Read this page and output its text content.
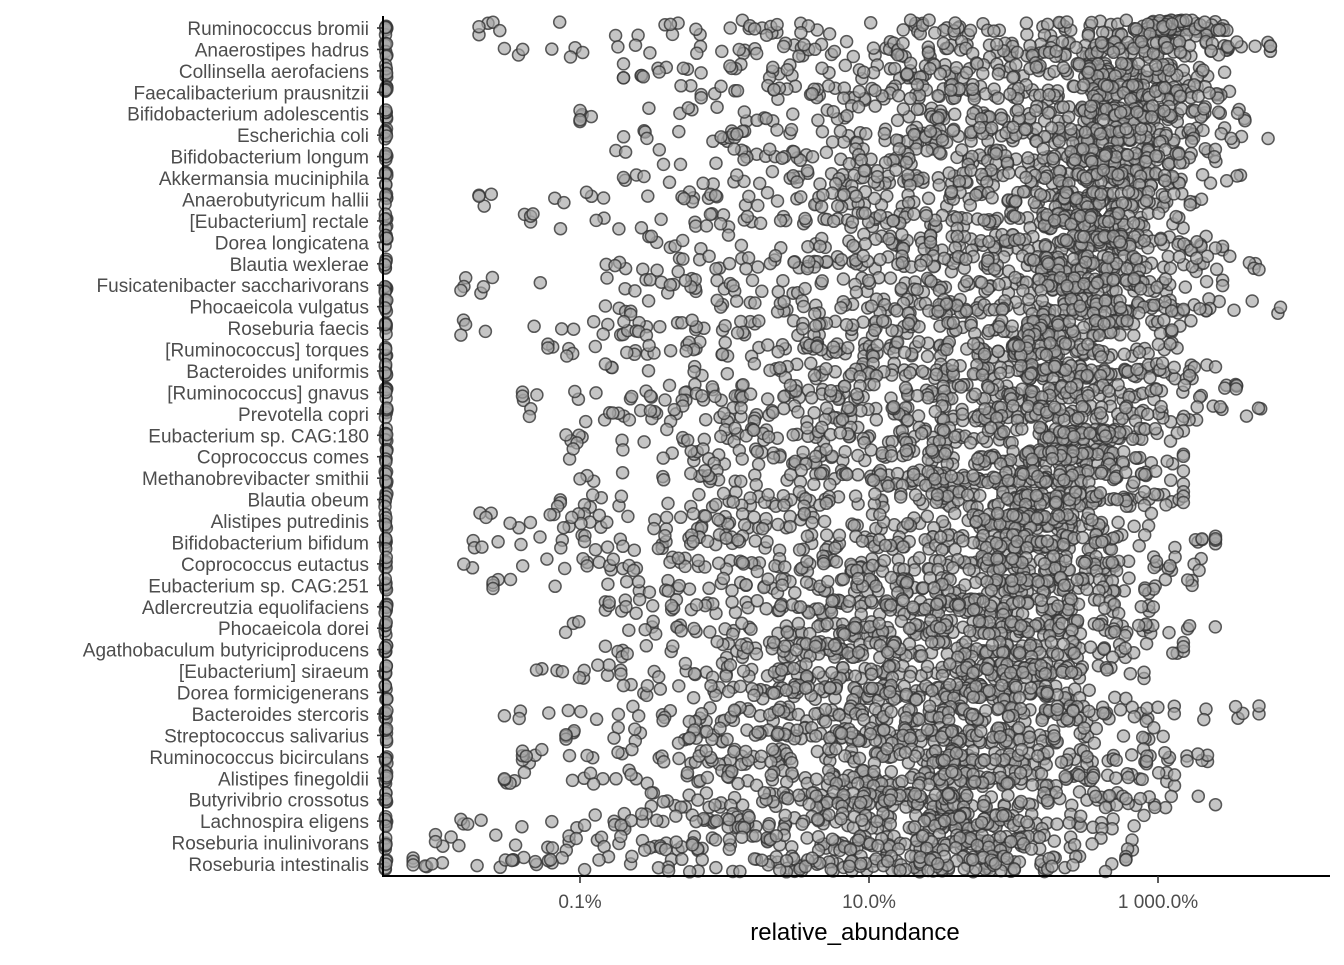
Ruminococcus bromii
Anaerostipes hadrus
Collinsella aerofaciens
Faecalibacterium prausnitzii
Bifidobacterium adolescentis
Escherichia coli
Bifidobacterium longum
Akkermansia muciniphila
Anaerobutyricum hallii
[Eubacterium] rectale
Dorea longicatena
Blautia wexlerae
Fusicatenibacter saccharivorans
Phocaeicola vulgatus
Roseburia faecis
[Ruminococcus] torques
Bacteroides uniformis
[Ruminococcus] gnavus
Prevotella copri
Eubacterium sp. CAG:180
Coprococcus comes
Methanobrevibacter smithii
Blautia obeum
Alistipes putredinis
Bifidobacterium bifidum
Coprococcus eutactus
Eubacterium sp. CAG:251
Adlercreutzia equolifaciens
Phocaeicola dorei
Agathobaculum butyriciproducens
[Eubacterium] siraeum
Dorea formicigenerans
Bacteroides stercoris
Streptococcus salivarius
Ruminococcus bicirculans
Alistipes finegoldii
Butyrivibrio crossotus
Lachnospira eligens
Roseburia inulinivorans
Roseburia intestinalis
0.1%	10.0%	1 000.0%
relative_abundance
